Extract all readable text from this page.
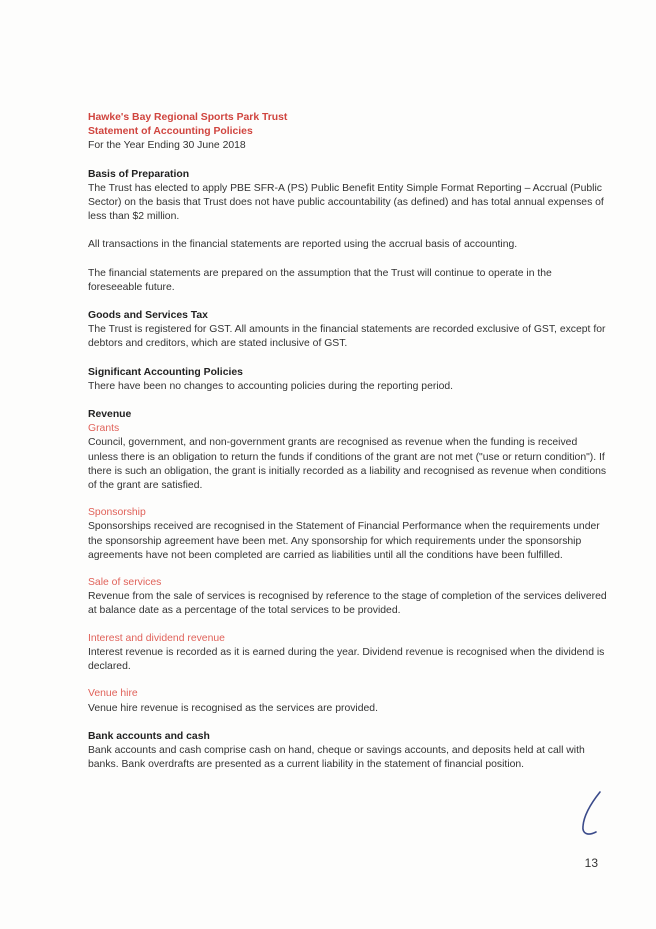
Hawke's Bay Regional Sports Park Trust
Statement of Accounting Policies
For the Year Ending 30 June 2018
Basis of Preparation

The Trust has elected to apply PBE SFR-A (PS) Public Benefit Entity Simple Format Reporting – Accrual (Public Sector) on the basis that Trust does not have public accountability (as defined) and has total annual expenses of less than $2 million.

All transactions in the financial statements are reported using the accrual basis of accounting.

The financial statements are prepared on the assumption that the Trust will continue to operate in the foreseeable future.

Goods and Services Tax

The Trust is registered for GST. All amounts in the financial statements are recorded exclusive of GST, except for debtors and creditors, which are stated inclusive of GST.

Significant Accounting Policies

There have been no changes to accounting policies during the reporting period.

Revenue
Grants

Council, government, and non-government grants are recognised as revenue when the funding is received unless there is an obligation to return the funds if conditions of the grant are not met ("use or return condition"). If there is such an obligation, the grant is initially recorded as a liability and recognised as revenue when conditions of the grant are satisfied.

Sponsorship

Sponsorships received are recognised in the Statement of Financial Performance when the requirements under the sponsorship agreement have been met. Any sponsorship for which requirements under the sponsorship agreements have not been completed are carried as liabilities until all the conditions have been fulfilled.

Sale of services

Revenue from the sale of services is recognised by reference to the stage of completion of the services delivered at balance date as a percentage of the total services to be provided.

Interest and dividend revenue

Interest revenue is recorded as it is earned during the year. Dividend revenue is recognised when the dividend is declared.

Venue hire

Venue hire revenue is recognised as the services are provided.

Bank accounts and cash

Bank accounts and cash comprise cash on hand, cheque or savings accounts, and deposits held at call with banks. Bank overdrafts are presented as a current liability in the statement of financial position.

13
